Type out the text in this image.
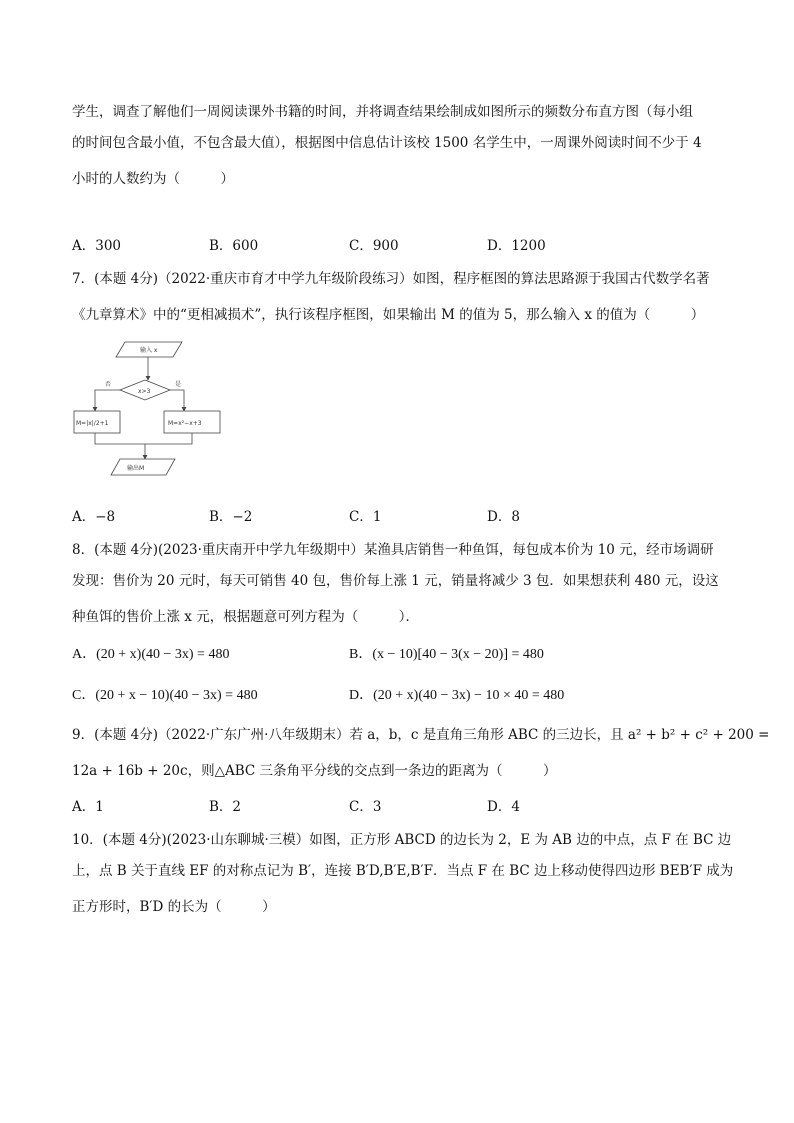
学生，调查了解他们一周阅读课外书籍的时间，并将调查结果绘制成如图所示的频数分布直方图（每小组
的时间包含最小值，不包含最大值），根据图中信息估计该校 1500 名学生中，一周课外阅读时间不少于 4
小时的人数约为（　　　）
A．300	B．600	C．900	D．1200
7．(本题 4分)（2022·重庆市育才中学九年级阶段练习）如图，程序框图的算法思路源于我国古代数学名著
《九章算术》中的“更相减损术”，执行该程序框图，如果输出 M 的值为 5，那么输入 x 的值为（　　　）
输入 x
x>3
否	是
M=|x|/2+1	M=x²−x+3
输出M
A．−8	B．−2	C．1	D．8
8．(本题 4分)(2023·重庆南开中学九年级期中）某渔具店销售一种鱼饵，每包成本价为 10 元，经市场调研
发现：售价为 20 元时，每天可销售 40 包，售价每上涨 1 元，销量将减少 3 包．如果想获利 480 元，设这
种鱼饵的售价上涨 x 元，根据题意可列方程为（　　　）．
A．(20 + x)(40 − 3x) = 480	B．(x − 10)[40 − 3(x − 20)] = 480
C．(20 + x − 10)(40 − 3x) = 480	D．(20 + x)(40 − 3x) − 10 × 40 = 480
9．(本题 4分)（2022·广东广州·八年级期末）若 a，b，c 是直角三角形 ABC 的三边长，且 a² + b² + c² + 200 =
12a + 16b + 20c，则△ABC 三条角平分线的交点到一条边的距离为（　　　）
A．1	B．2	C．3	D．4
10．(本题 4分)(2023·山东聊城·三模）如图，正方形 ABCD 的边长为 2，E 为 AB 边的中点，点 F 在 BC 边
上，点 B 关于直线 EF 的对称点记为 B′，连接 B′D,B′E,B′F．当点 F 在 BC 边上移动使得四边形 BEB′F 成为
正方形时，B′D 的长为（　　　）
